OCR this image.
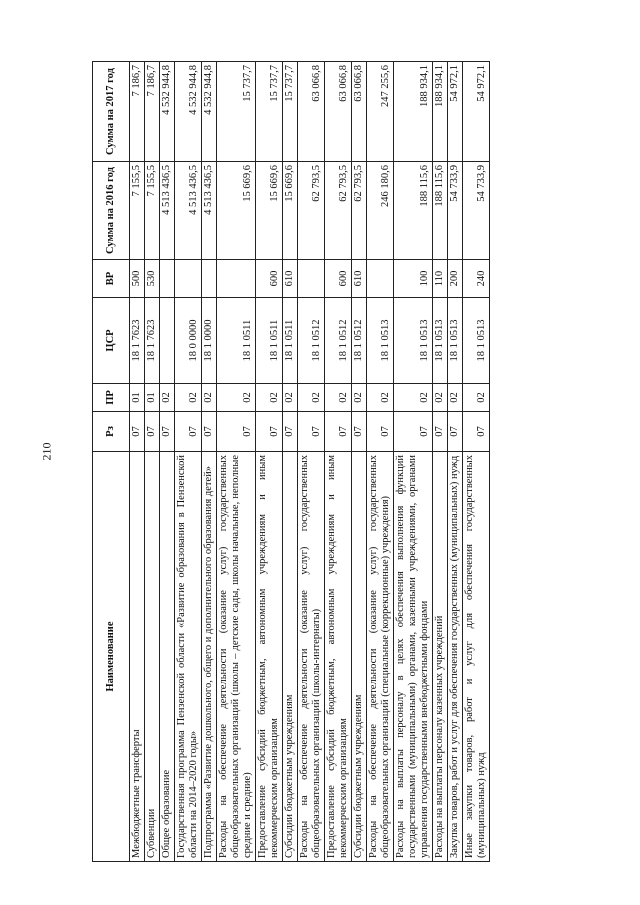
210
Наименование	Рз	ПР	ЦСР	ВР	Сумма на 2016 год	Сумма на 2017 год
Межбюджетные трансферты	07	01	18 1 7623	500	7 155,5	7 186,7
Субвенции	07	01	18 1 7623	530	7 155,5	7 186,7
Общее образование	07	02			4 513 436,5	4 532 944,8
Государственная программа Пензенской области «Развитие образования в Пензенской области на 2014–2020 годы»	07	02	18 0 0000		4 513 436,5	4 532 944,8
Подпрограмма «Развитие дошкольного, общего и дополнительного образования детей»	07	02	18 1 0000		4 513 436,5	4 532 944,8
Расходы на обеспечение деятельности (оказание услуг) государственных общеобразовательных организаций (школы – детские сады, школы начальные, неполные средние и средние)	07	02	18 1 0511		15 669,6	15 737,7
Предоставление субсидий бюджетным, автономным учреждениям и иным некоммерческим организациям	07	02	18 1 0511	600	15 669,6	15 737,7
Субсидии бюджетным учреждениям	07	02	18 1 0511	610	15 669,6	15 737,7
Расходы на обеспечение деятельности (оказание услуг) государственных общеобразовательных организаций (школы-интернаты)	07	02	18 1 0512		62 793,5	63 066,8
Предоставление субсидий бюджетным, автономным учреждениям и иным некоммерческим организациям	07	02	18 1 0512	600	62 793,5	63 066,8
Субсидии бюджетным учреждениям	07	02	18 1 0512	610	62 793,5	63 066,8
Расходы на обеспечение деятельности (оказание услуг) государственных общеобразовательных организаций (специальные (коррекционные) учреждения)	07	02	18 1 0513		246 180,6	247 255,6
Расходы на выплаты персоналу в целях обеспечения выполнения функций государственными (муниципальными) органами, казенными учреждениями, органами управления государственными внебюджетными фондами	07	02	18 1 0513	100	188 115,6	188 934,1
Расходы на выплаты персоналу казенных учреждений	07	02	18 1 0513	110	188 115,6	188 934,1
Закупка товаров, работ и услуг для обеспечения государственных (муниципальных) нужд	07	02	18 1 0513	200	54 733,9	54 972,1
Иные закупки товаров, работ и услуг для обеспечения государственных (муниципальных) нужд	07	02	18 1 0513	240	54 733,9	54 972,1
